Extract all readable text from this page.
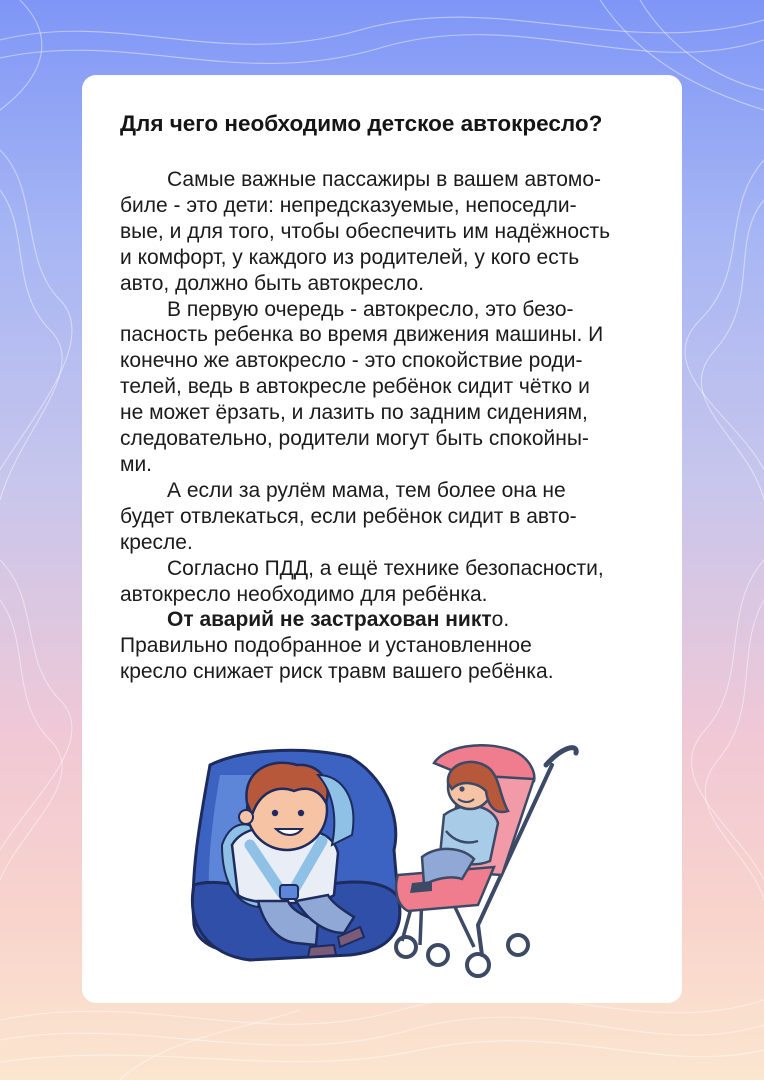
Для чего необходимо детское автокресло?

Самые важные пассажиры в вашем автомо-
биле - это дети: непредсказуемые, непоседли-
вые, и для того, чтобы обеспечить им надёжность
и комфорт, у каждого из родителей, у кого есть
авто, должно быть автокресло.

В первую очередь - автокресло, это безо-
пасность ребенка во время движения машины. И
конечно же автокресло - это спокойствие роди-
телей, ведь в автокресле ребёнок сидит чётко и
не может ёрзать, и лазить по задним сидениям,
следовательно, родители могут быть спокойны-
ми.

А если за рулём мама, тем более она не
будет отвлекаться, если ребёнок сидит в авто-
кресле.

Согласно ПДД, а ещё технике безопасности,
автокресло необходимо для ребёнка.

От аварий не застрахован никто.
Правильно подобранное и установленное
кресло снижает риск травм вашего ребёнка.
